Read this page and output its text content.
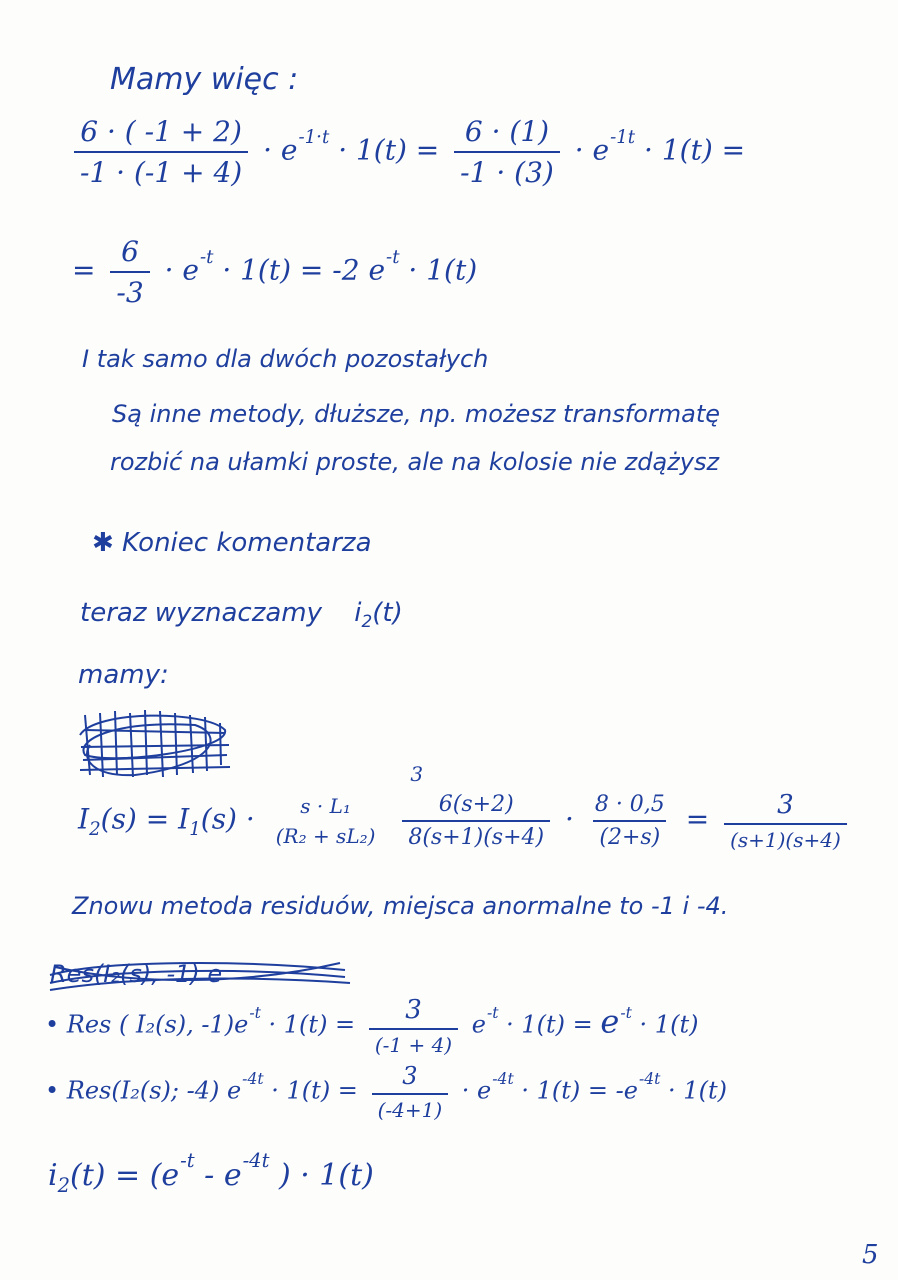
Mamy więc :
$\frac{6 \cdot ( -1 + 2)}{-1 \cdot (-1 + 4)} \cdot e^{-1\cdot t} \cdot 1(t) = \frac{6 \cdot (1)}{-1 \cdot (3)} \cdot e^{-1t} \cdot 1(t)$ =
= $\frac{6}{-3} \cdot e^{-t} \cdot 1(t) = -2$ $e^{-t} \cdot 1(t)$
I tak samo dla dwóch pozostałych
Są inne metody, dłuższe, np. możesz transformatę
rozbić na ułamki proste, ale na kolosie nie zdążysz
✱ Koniec komentarza
teraz wyznaczamy $i_2(t)$
mamy:
$I_2(s) = I_1(s)$ ·	s · L₁
(R₂ + sL₂)

3
6(s+2)
8(s+1)(s+4)
· $\frac{8 \cdot 0,5}{(2+s)} = \frac{3}{(s+1)(s+4)}$
Znowu metoda residuów, miejsca anormalne to -1 i -4.
Res(I₂(s), -1) e
• Res ( I₂(s), $-1)e^{-t} \cdot 1(t) = \frac{3}{(-1 + 4)} e^{-t} \cdot 1(t) = e^{-t} \cdot 1(t)$
• Res(I₂(s); -4) $e^{-4t} \cdot 1(t) = \frac{3}{(-4+1)} \cdot e^{-4t} \cdot 1(t) = -e^{-4t} \cdot 1(t)$
$i_2(t) = (e^{-t} - e^{-4t}$ ) · 1(t)
5
